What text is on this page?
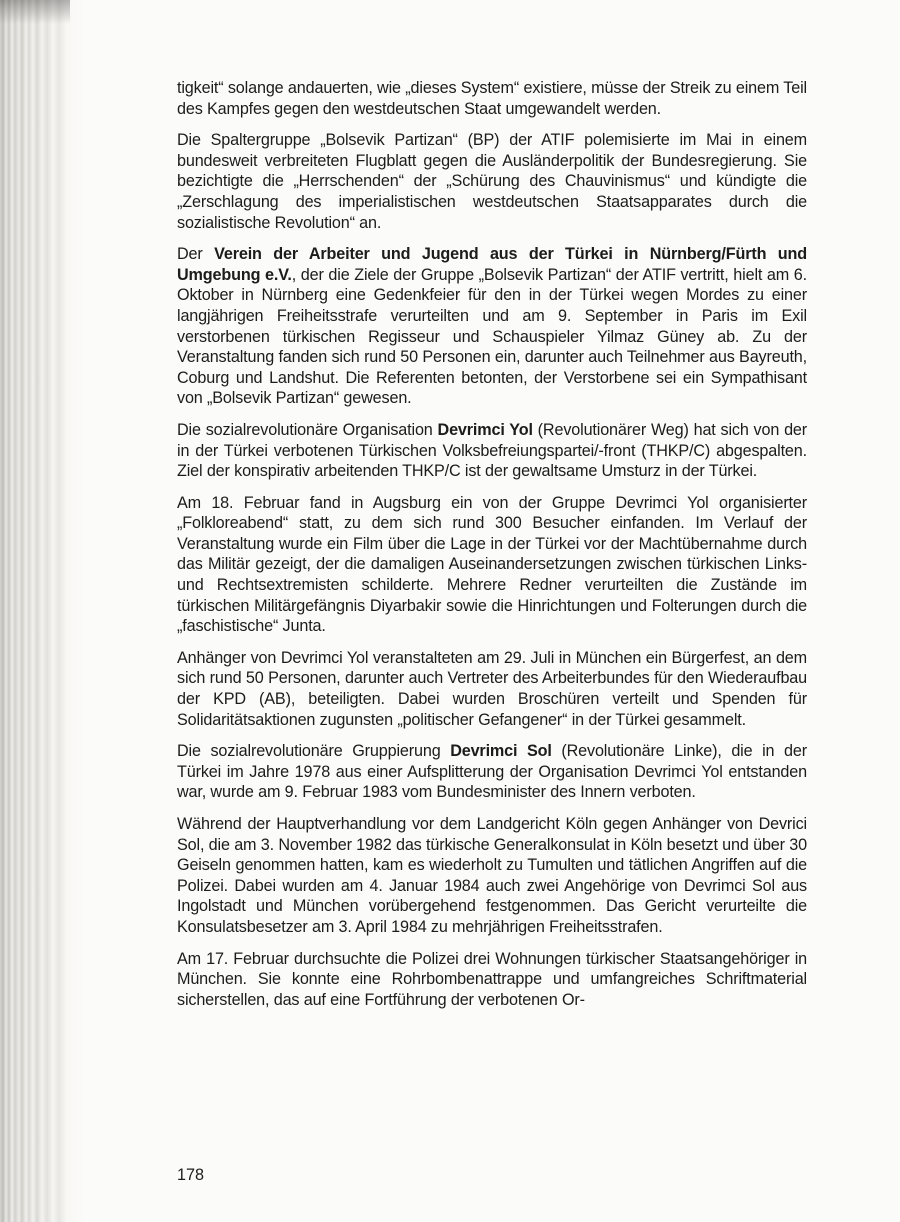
tigkeit“ solange andauerten, wie „dieses System“ existiere, müsse der Streik zu einem Teil des Kampfes gegen den westdeutschen Staat umgewandelt werden.

Die Spaltergruppe „Bolsevik Partizan“ (BP) der ATIF polemisierte im Mai in einem bundesweit verbreiteten Flugblatt gegen die Ausländerpolitik der Bundesregierung. Sie bezichtigte die „Herrschenden“ der „Schürung des Chauvinismus“ und kündigte die „Zerschlagung des imperialistischen westdeutschen Staatsapparates durch die sozialistische Revolution“ an.

Der Verein der Arbeiter und Jugend aus der Türkei in Nürnberg/Fürth und Umgebung e.V., der die Ziele der Gruppe „Bolsevik Partizan“ der ATIF vertritt, hielt am 6. Oktober in Nürnberg eine Gedenkfeier für den in der Türkei wegen Mordes zu einer langjährigen Freiheitsstrafe verurteilten und am 9. September in Paris im Exil verstorbenen türkischen Regisseur und Schauspieler Yilmaz Güney ab. Zu der Veranstaltung fanden sich rund 50 Personen ein, darunter auch Teilnehmer aus Bayreuth, Coburg und Landshut. Die Referenten betonten, der Verstorbene sei ein Sympathisant von „Bolsevik Partizan“ gewesen.

Die sozialrevolutionäre Organisation Devrimci Yol (Revolutionärer Weg) hat sich von der in der Türkei verbotenen Türkischen Volksbefreiungspartei/-front (THKP/C) abgespalten. Ziel der konspirativ arbeitenden THKP/C ist der gewaltsame Umsturz in der Türkei.

Am 18. Februar fand in Augsburg ein von der Gruppe Devrimci Yol organisierter „Folkloreabend“ statt, zu dem sich rund 300 Besucher einfanden. Im Verlauf der Veranstaltung wurde ein Film über die Lage in der Türkei vor der Machtübernahme durch das Militär gezeigt, der die damaligen Auseinandersetzungen zwischen türkischen Links- und Rechtsextremisten schilderte. Mehrere Redner verurteilten die Zustände im türkischen Militärgefängnis Diyarbakir sowie die Hinrichtungen und Folterungen durch die „faschistische“ Junta.

Anhänger von Devrimci Yol veranstalteten am 29. Juli in München ein Bürgerfest, an dem sich rund 50 Personen, darunter auch Vertreter des Arbeiterbundes für den Wiederaufbau der KPD (AB), beteiligten. Dabei wurden Broschüren verteilt und Spenden für Solidaritätsaktionen zugunsten „politischer Gefangener“ in der Türkei gesammelt.

Die sozialrevolutionäre Gruppierung Devrimci Sol (Revolutionäre Linke), die in der Türkei im Jahre 1978 aus einer Aufsplitterung der Organisation Devrimci Yol entstanden war, wurde am 9. Februar 1983 vom Bundesminister des Innern verboten.

Während der Hauptverhandlung vor dem Landgericht Köln gegen Anhänger von Devrici Sol, die am 3. November 1982 das türkische Generalkonsulat in Köln besetzt und über 30 Geiseln genommen hatten, kam es wiederholt zu Tumulten und tätlichen Angriffen auf die Polizei. Dabei wurden am 4. Januar 1984 auch zwei Angehörige von Devrimci Sol aus Ingolstadt und München vorübergehend festgenommen. Das Gericht verurteilte die Konsulatsbesetzer am 3. April 1984 zu mehrjährigen Freiheitsstrafen.

Am 17. Februar durchsuchte die Polizei drei Wohnungen türkischer Staatsangehöriger in München. Sie konnte eine Rohrbombenattrappe und umfangreiches Schriftmaterial sicherstellen, das auf eine Fortführung der verbotenen Or-

178
